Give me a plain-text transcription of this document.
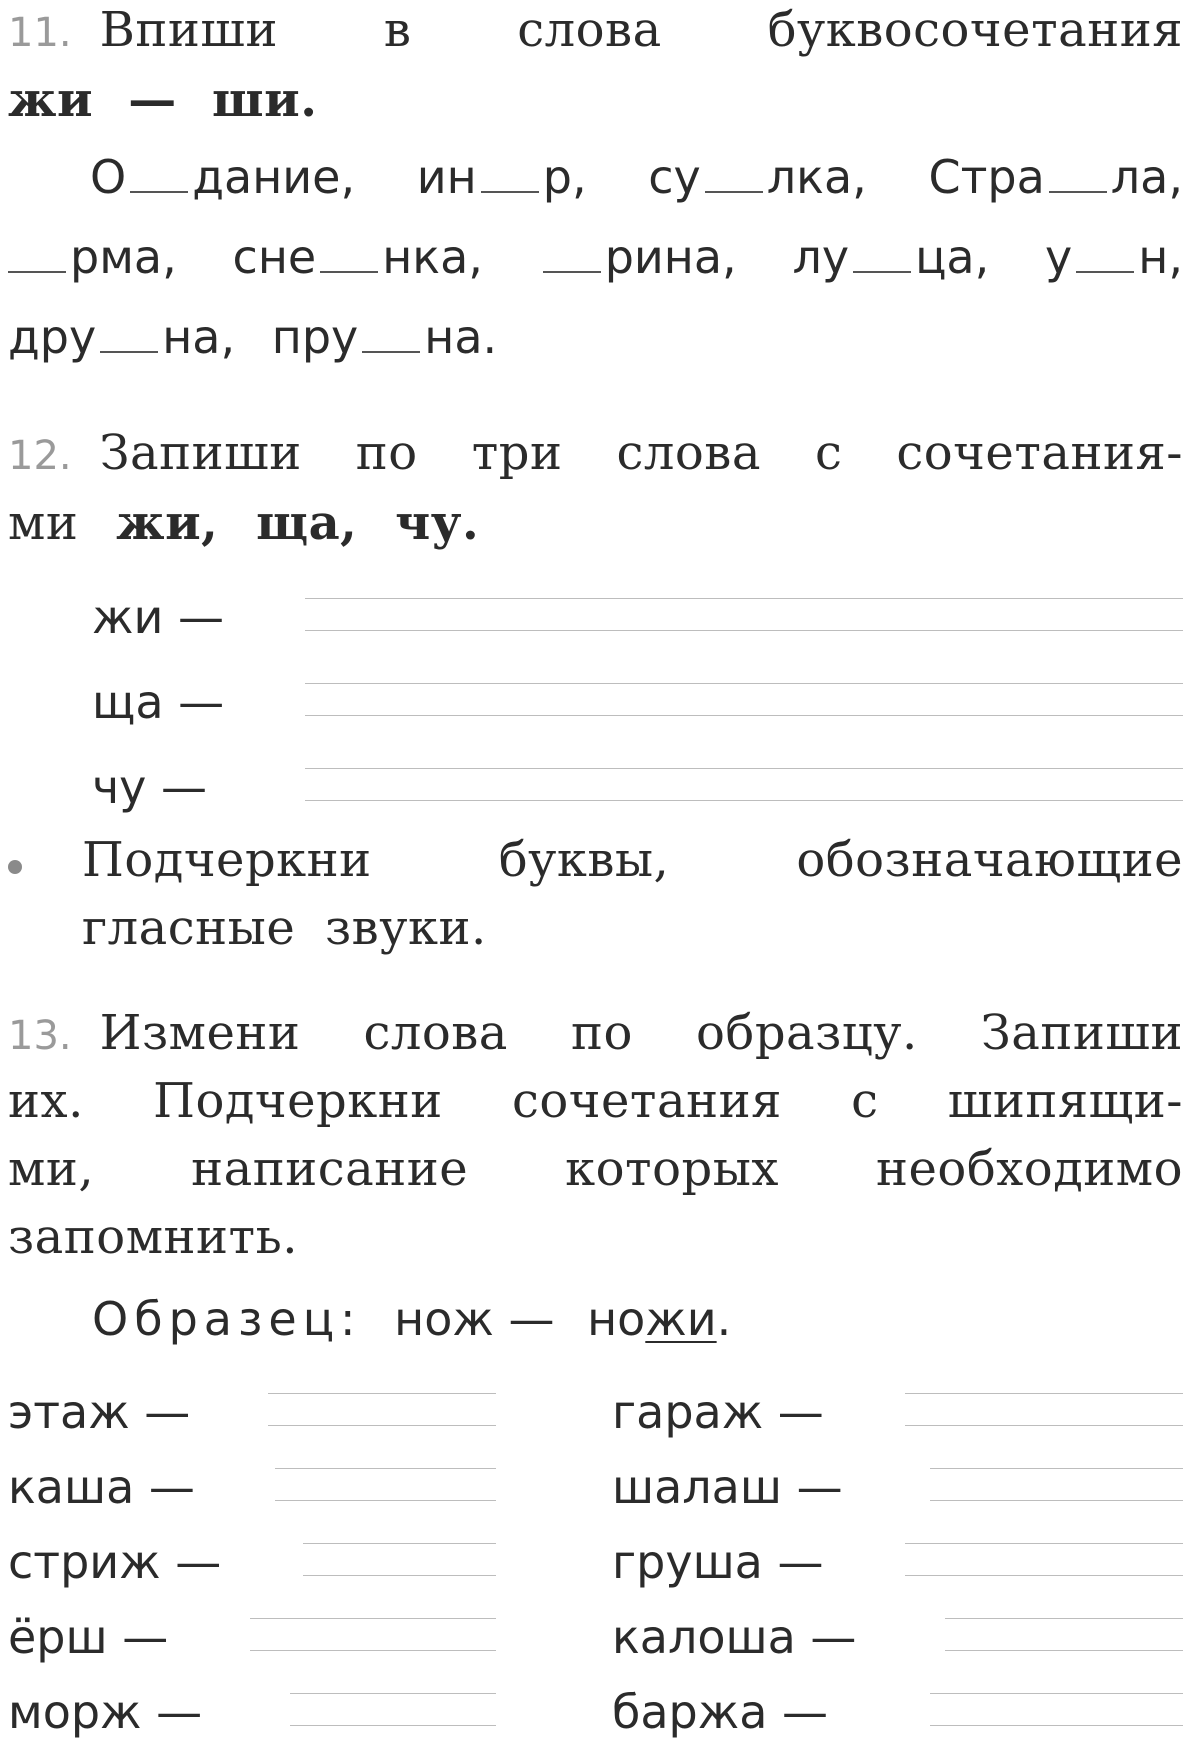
11. Впиши в слова буквосочетания
жи — ши.
О дание, ин р, су лка, Стра ла,
рма, сне нка,	рина, лу ца, у н,
дру на, пру на.
12. Запиши по три слова с сочетания-
ми жи, ща, чу.
жи —
ща —
чу —
Подчеркни	буквы,	обозначающие
гласные звуки.
13. Измени слова по образцу. Запиши
их. Подчеркни сочетания с шипящи-
ми, написание которых необходимо
запомнить.
Образец: нож — ножи.
этаж —
каша —
стриж —
ёрш —
морж —
гараж —
шалаш —
груша —
калоша —
баржа —
